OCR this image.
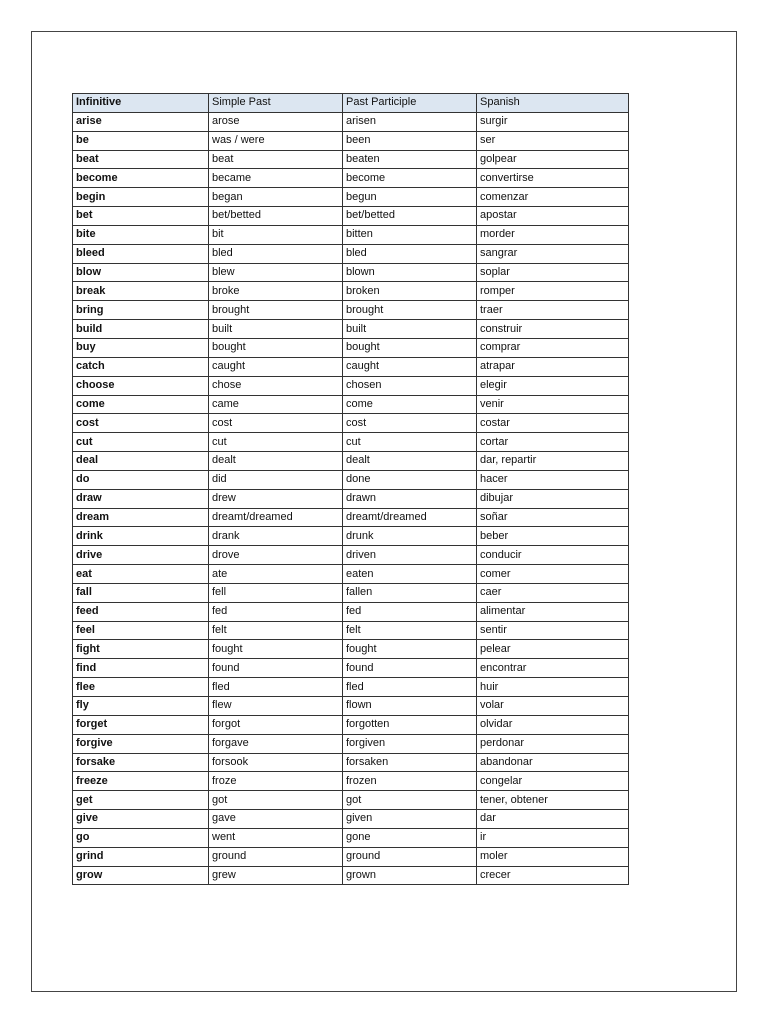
Infinitive	Simple Past	Past Participle	Spanish
arise	arose	arisen	surgir
be	was / were	been	ser
beat	beat	beaten	golpear
become	became	become	convertirse
begin	began	begun	comenzar
bet	bet/betted	bet/betted	apostar
bite	bit	bitten	morder
bleed	bled	bled	sangrar
blow	blew	blown	soplar
break	broke	broken	romper
bring	brought	brought	traer
build	built	built	construir
buy	bought	bought	comprar
catch	caught	caught	atrapar
choose	chose	chosen	elegir
come	came	come	venir
cost	cost	cost	costar
cut	cut	cut	cortar
deal	dealt	dealt	dar, repartir
do	did	done	hacer
draw	drew	drawn	dibujar
dream	dreamt/dreamed	dreamt/dreamed	soñar
drink	drank	drunk	beber
drive	drove	driven	conducir
eat	ate	eaten	comer
fall	fell	fallen	caer
feed	fed	fed	alimentar
feel	felt	felt	sentir
fight	fought	fought	pelear
find	found	found	encontrar
flee	fled	fled	huir
fly	flew	flown	volar
forget	forgot	forgotten	olvidar
forgive	forgave	forgiven	perdonar
forsake	forsook	forsaken	abandonar
freeze	froze	frozen	congelar
get	got	got	tener, obtener
give	gave	given	dar
go	went	gone	ir
grind	ground	ground	moler
grow	grew	grown	crecer
